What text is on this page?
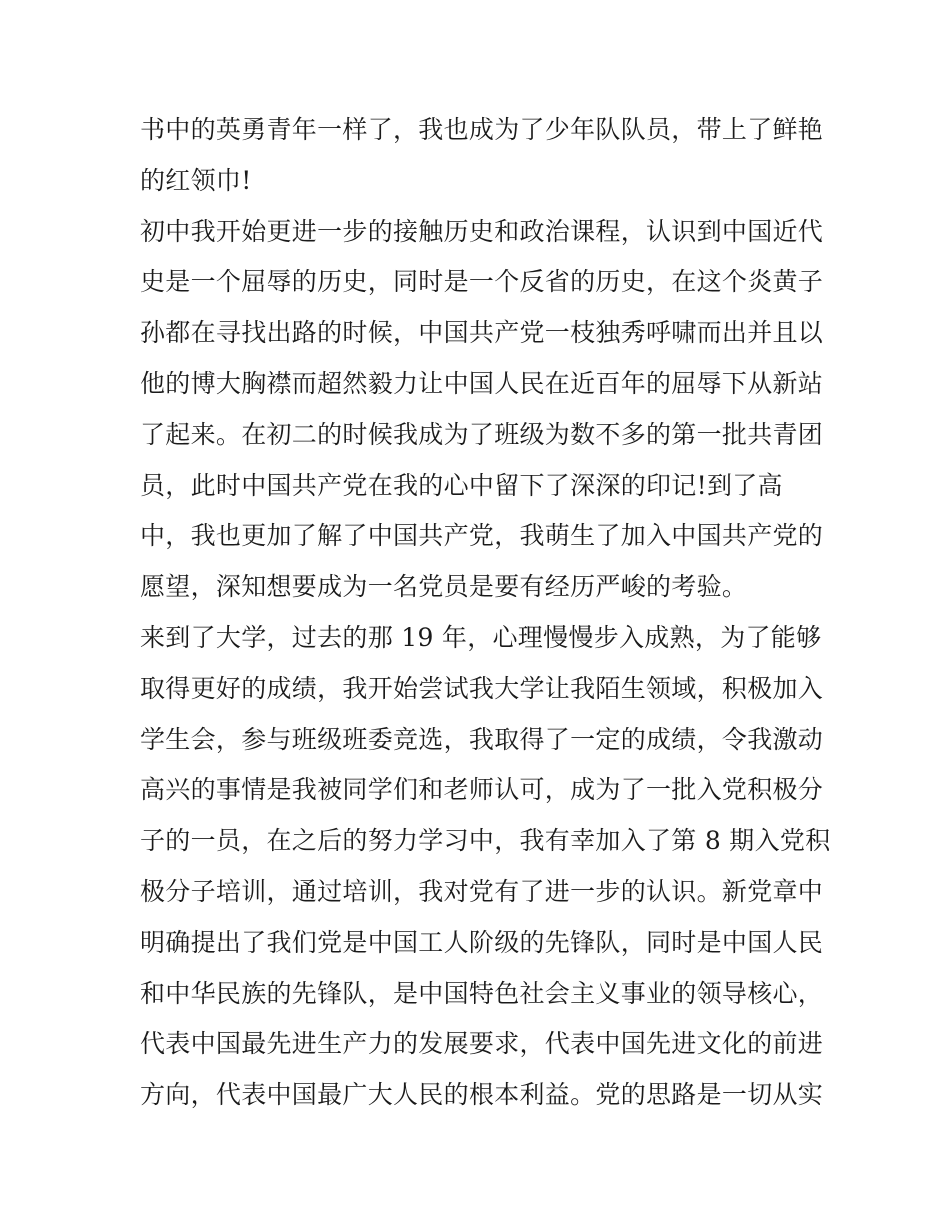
书中的英勇青年一样了，我也成为了少年队队员，带上了鲜艳
的红领巾!
初中我开始更进一步的接触历史和政治课程，认识到中国近代
史是一个屈辱的历史，同时是一个反省的历史，在这个炎黄子
孙都在寻找出路的时候，中国共产党一枝独秀呼啸而出并且以
他的博大胸襟而超然毅力让中国人民在近百年的屈辱下从新站
了起来。在初二的时候我成为了班级为数不多的第一批共青团
员，此时中国共产党在我的心中留下了深深的印记!到了高
中，我也更加了解了中国共产党，我萌生了加入中国共产党的
愿望，深知想要成为一名党员是要有经历严峻的考验。
来到了大学，过去的那 19 年，心理慢慢步入成熟，为了能够
取得更好的成绩，我开始尝试我大学让我陌生领域，积极加入
学生会，参与班级班委竞选，我取得了一定的成绩，令我激动
高兴的事情是我被同学们和老师认可，成为了一批入党积极分
子的一员，在之后的努力学习中，我有幸加入了第 8 期入党积
极分子培训，通过培训，我对党有了进一步的认识。新党章中
明确提出了我们党是中国工人阶级的先锋队，同时是中国人民
和中华民族的先锋队，是中国特色社会主义事业的领导核心，
代表中国最先进生产力的发展要求，代表中国先进文化的前进
方向，代表中国最广大人民的根本利益。党的思路是一切从实
